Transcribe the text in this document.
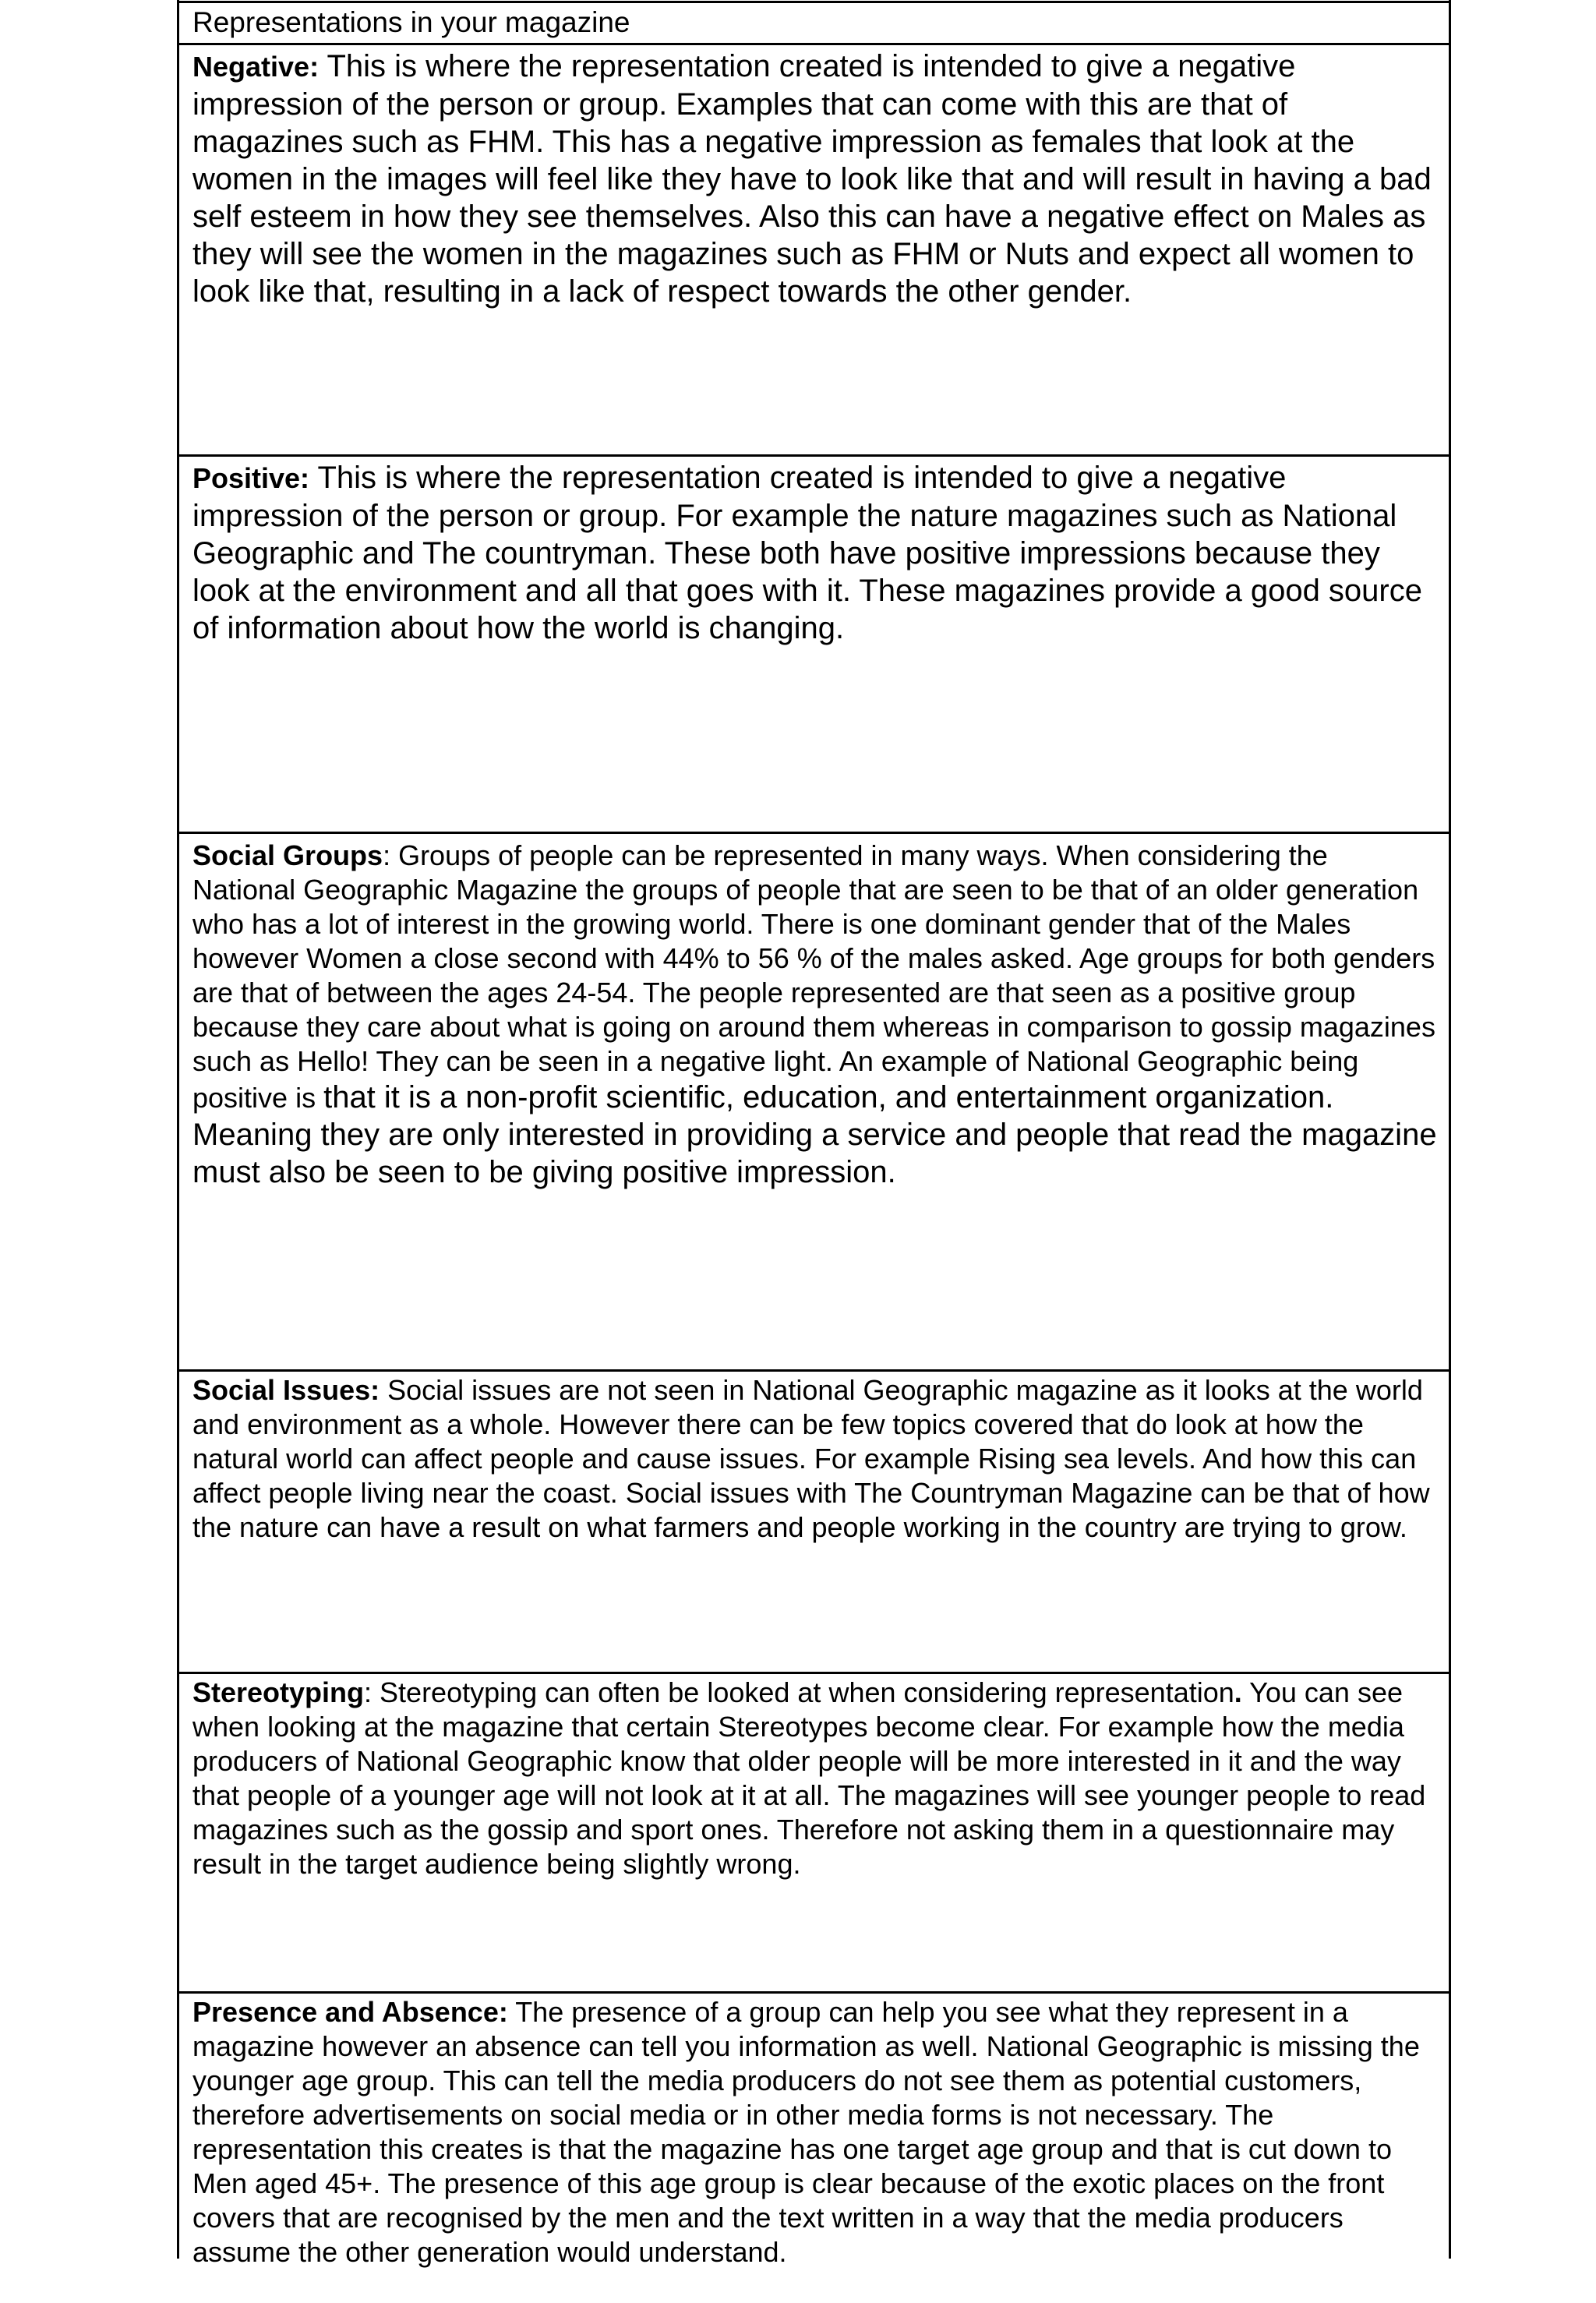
Representations in your magazine

Negative: This is where the representation created is intended to give a negative impression of the person or group. Examples that can come with this are that of magazines such as FHM. This has a negative impression as females that look at the women in the images will feel like they have to look like that and will result in having a bad self esteem in how they see themselves. Also this can have a negative effect on Males as they will see the women in the magazines such as FHM or Nuts and expect all women to look like that, resulting in a lack of respect towards the other gender.

Positive: This is where the representation created is intended to give a negative impression of the person or group. For example the nature magazines such as National Geographic and The countryman. These both have positive impressions because they look at the environment and all that goes with it. These magazines provide a good source of information about how the world is changing.

Social Groups: Groups of people can be represented in many ways. When considering the National Geographic Magazine the groups of people that are seen to be that of an older generation who has a lot of interest in the growing world. There is one dominant gender that of the Males however Women a close second with 44% to 56 % of the males asked. Age groups for both genders are that of between the ages 24-54. The people represented are that seen as a positive group because they care about what is going on around them whereas in comparison to gossip magazines such as Hello! They can be seen in a negative light. An example of National Geographic being positive is that it is a non-profit scientific, education, and entertainment organization. Meaning they are only interested in providing a service and people that read the magazine must also be seen to be giving positive impression.

Social Issues: Social issues are not seen in National Geographic magazine as it looks at the world and environment as a whole. However there can be few topics covered that do look at how the natural world can affect people and cause issues. For example Rising sea levels. And how this can affect people living near the coast. Social issues with The Countryman Magazine can be that of how the nature can have a result on what farmers and people working in the country are trying to grow.

Stereotyping: Stereotyping can often be looked at when considering representation. You can see when looking at the magazine that certain Stereotypes become clear. For example how the media producers of National Geographic know that older people will be more interested in it and the way that people of a younger age will not look at it at all. The magazines will see younger people to read magazines such as the gossip and sport ones. Therefore not asking them in a questionnaire may result in the target audience being slightly wrong.

Presence and Absence: The presence of a group can help you see what they represent in a magazine however an absence can tell you information as well. National Geographic is missing the younger age group. This can tell the media producers do not see them as potential customers, therefore advertisements on social media or in other media forms is not necessary. The representation this creates is that the magazine has one target age group and that is cut down to Men aged 45+. The presence of this age group is clear because of the exotic places on the front covers that are recognised by the men and the text written in a way that the media producers assume the other generation would understand.
